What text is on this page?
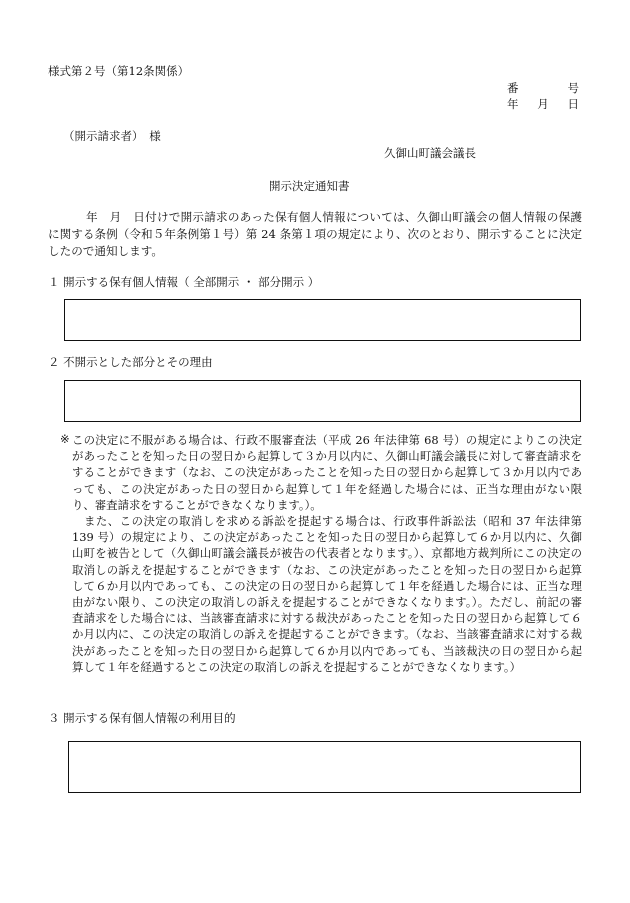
様式第２号（第12条関係）
番	号
年 月 日
（開示請求者）　様
久御山町議会議長
開示決定通知書

年　月　日付けで開示請求のあった保有個人情報については、久御山町議会の個人情報の保護に関する条例（令和５年条例第１号）第 24 条第１項の規定により、次のとおり、開示することに決定したので通知します。

１ 開示する保有個人情報（ 全部開示 ・ 部分開示 ）
２ 不開示とした部分とその理由
※ この決定に不服がある場合は、行政不服審査法（平成 26 年法律第 68 号）の規定によりこの決定があったことを知った日の翌日から起算して３か月以内に、久御山町議会議長に対して審査請求をすることができます（なお、この決定があったことを知った日の翌日から起算して３か月以内であっても、この決定があった日の翌日から起算して１年を経過した場合には、正当な理由がない限り、審査請求をすることができなくなります。）。

また、この決定の取消しを求める訴訟を提起する場合は、行政事件訴訟法（昭和 37 年法律第 139 号）の規定により、この決定があったことを知った日の翌日から起算して６か月以内に、久御山町を被告として（久御山町議会議長が被告の代表者となります。）、京都地方裁判所にこの決定の取消しの訴えを提起することができます（なお、この決定があったことを知った日の翌日から起算して６か月以内であっても、この決定の日の翌日から起算して１年を経過した場合には、正当な理由がない限り、この決定の取消しの訴えを提起することができなくなります。）。ただし、前記の審査請求をした場合には、当該審査請求に対する裁決があったことを知った日の翌日から起算して６か月以内に、この決定の取消しの訴えを提起することができます。（なお、当該審査請求に対する裁決があったことを知った日の翌日から起算して６か月以内であっても、当該裁決の日の翌日から起算して１年を経過するとこの決定の取消しの訴えを提起することができなくなります。）

３ 開示する保有個人情報の利用目的
